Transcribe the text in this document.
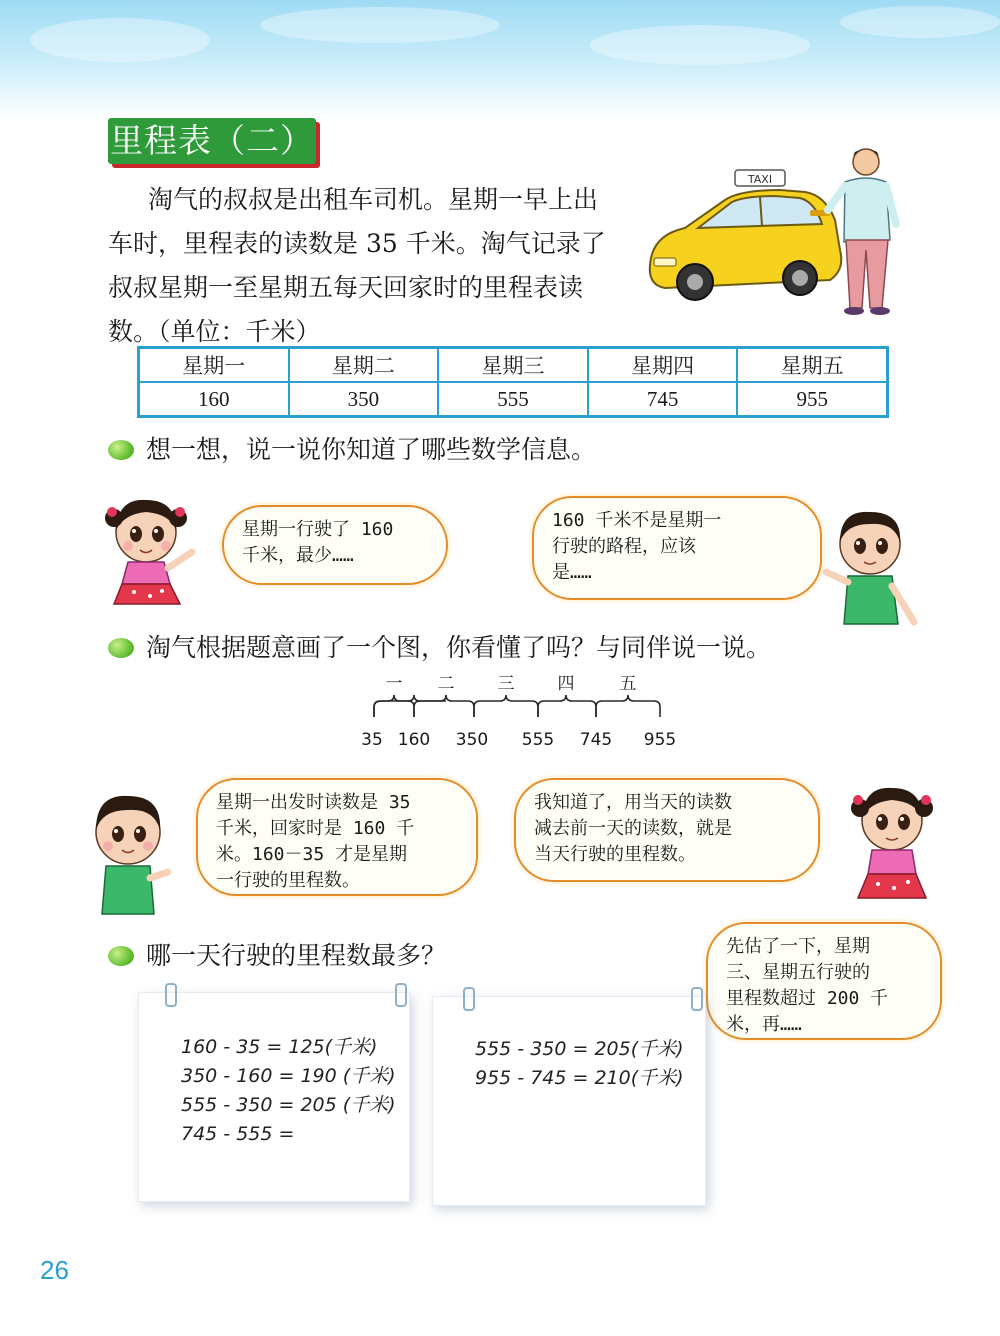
里程表（二）

淘气的叔叔是出租车司机。星期一早上出车时，里程表的读数是 35 千米。淘气记录了叔叔星期一至星期五每天回家时的里程表读数。（单位：千米）

TAXI
星期一	星期二	星期三	星期四	星期五
160	350	555	745	955
想一想，说一说你知道了哪些数学信息。
星期一行驶了 160
千米，最少……
160 千米不是星期一
行驶的路程，应该
是……
淘气根据题意画了一个图，你看懂了吗？与同伴说一说。
一 二	三	四	五
35 160 350 555 745 955
星期一出发时读数是 35
千米，回家时是 160 千
米。160－35 才是星期
一行驶的里程数。
我知道了，用当天的读数
减去前一天的读数，就是
当天行驶的里程数。
哪一天行驶的里程数最多？	先估了一下，星期
三、星期五行驶的
里程数超过 200 千
米，再……
160 - 35 = 125(千米)
350 - 160 = 190 (千米)
555 - 350 = 205 (千米)
745 - 555 =
555 - 350 = 205(千米)
955 - 745 = 210(千米)
26
